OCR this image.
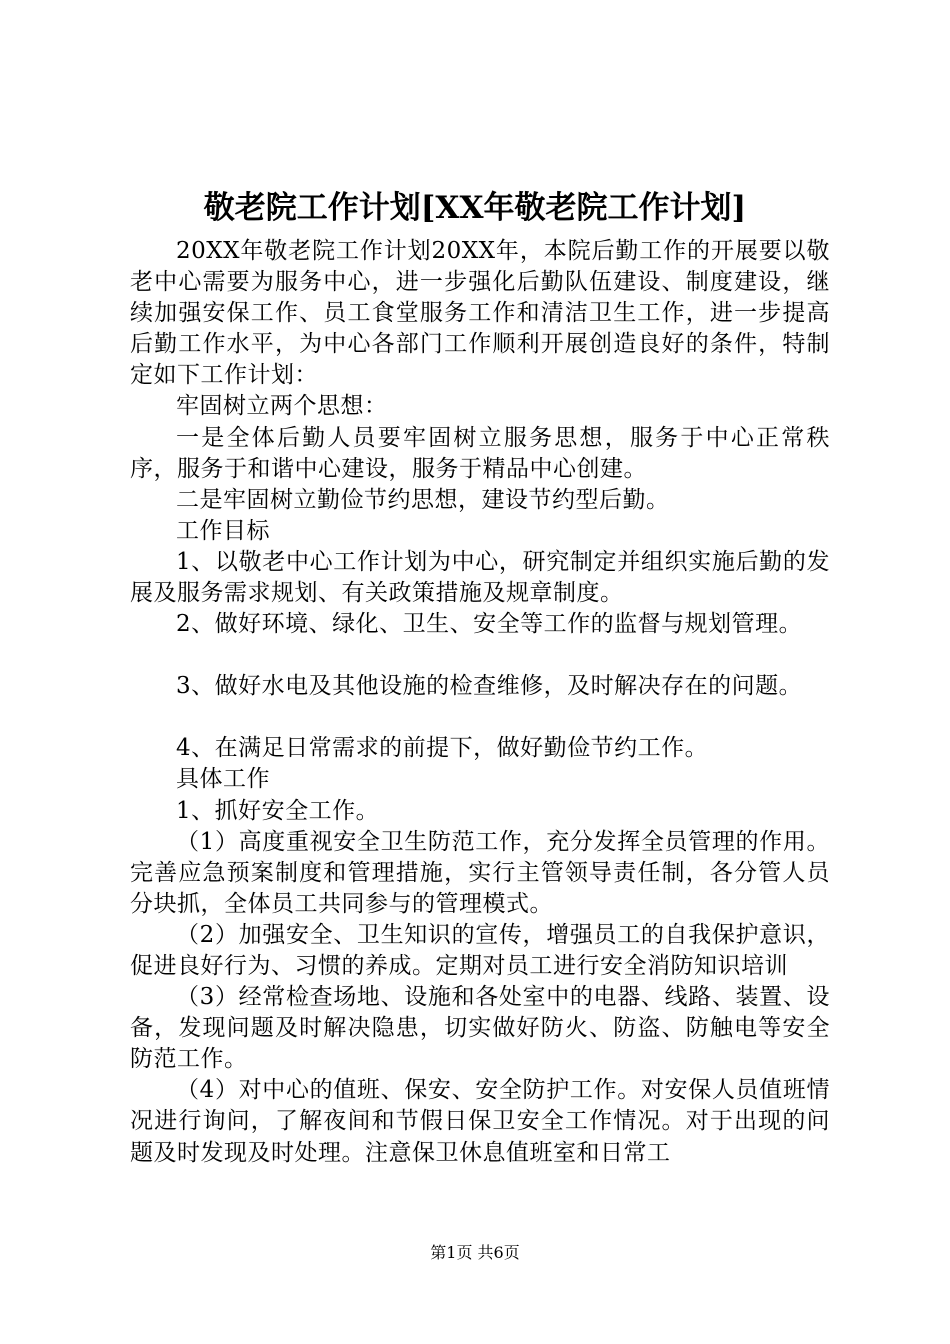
敬老院工作计划[XX年敬老院工作计划]

20XX年敬老院工作计划20XX年，本院后勤工作的开展要以敬老中心需要为服务中心，进一步强化后勤队伍建设、制度建设，继续加强安保工作、员工食堂服务工作和清洁卫生工作，进一步提高后勤工作水平，为中心各部门工作顺利开展创造良好的条件，特制定如下工作计划：

牢固树立两个思想：

一是全体后勤人员要牢固树立服务思想，服务于中心正常秩序，服务于和谐中心建设，服务于精品中心创建。

二是牢固树立勤俭节约思想，建设节约型后勤。

工作目标

1、以敬老中心工作计划为中心，研究制定并组织实施后勤的发展及服务需求规划、有关政策措施及规章制度。

2、做好环境、绿化、卫生、安全等工作的监督与规划管理。

3、做好水电及其他设施的检查维修，及时解决存在的问题。

4、在满足日常需求的前提下，做好勤俭节约工作。

具体工作

1、抓好安全工作。

（1）高度重视安全卫生防范工作，充分发挥全员管理的作用。完善应急预案制度和管理措施，实行主管领导责任制，各分管人员分块抓，全体员工共同参与的管理模式。

（2）加强安全、卫生知识的宣传，增强员工的自我保护意识，促进良好行为、习惯的养成。定期对员工进行安全消防知识培训

（3）经常检查场地、设施和各处室中的电器、线路、装置、设备，发现问题及时解决隐患，切实做好防火、防盗、防触电等安全防范工作。

（4）对中心的值班、保安、安全防护工作。对安保人员值班情况进行询问，了解夜间和节假日保卫安全工作情况。对于出现的问题及时发现及时处理。注意保卫休息值班室和日常工

第1页 共6页
